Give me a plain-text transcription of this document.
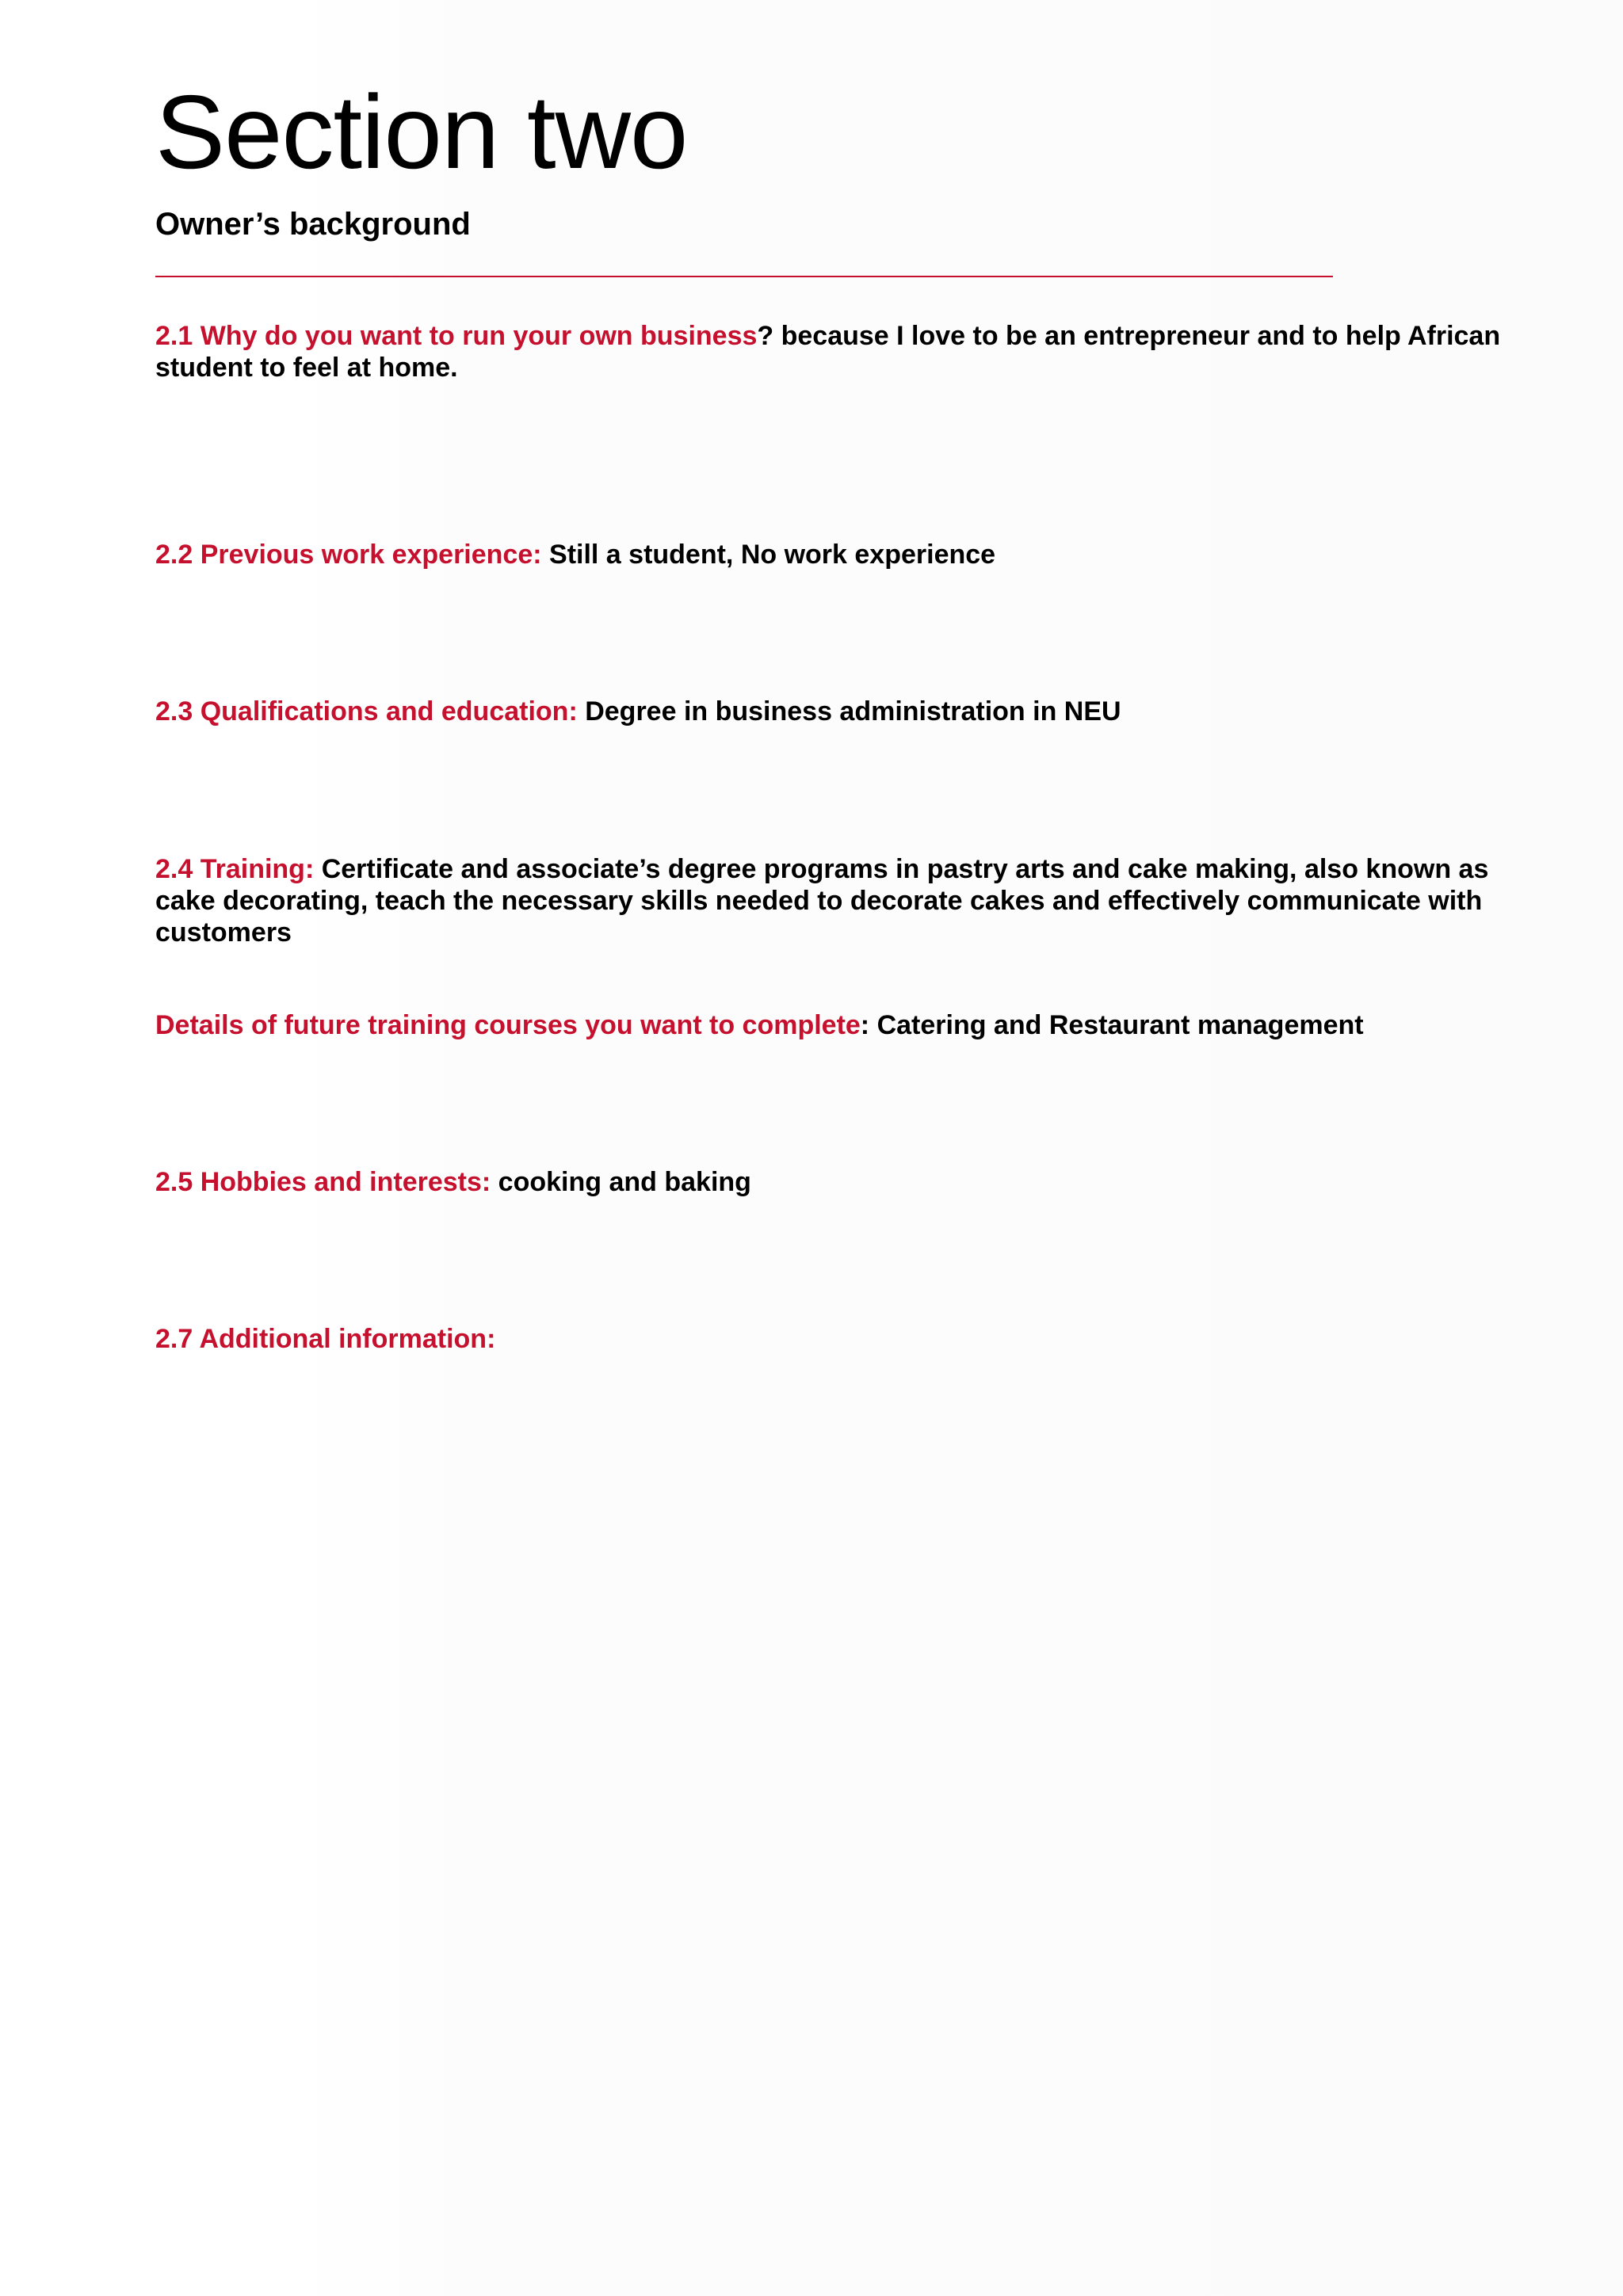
Section two
Owner’s background
2.1 Why do you want to run your own business? because I love to be an entrepreneur and to help African student to feel at home.
2.2 Previous work experience: Still a student, No work experience
2.3 Qualifications and education: Degree in business administration in NEU
2.4 Training: Certificate and associate’s degree programs in pastry arts and cake making, also known as cake decorating, teach the necessary skills needed to decorate cakes and effectively communicate with customers
Details of future training courses you want to complete: Catering and Restaurant management
2.5 Hobbies and interests: cooking and baking
2.7 Additional information:
